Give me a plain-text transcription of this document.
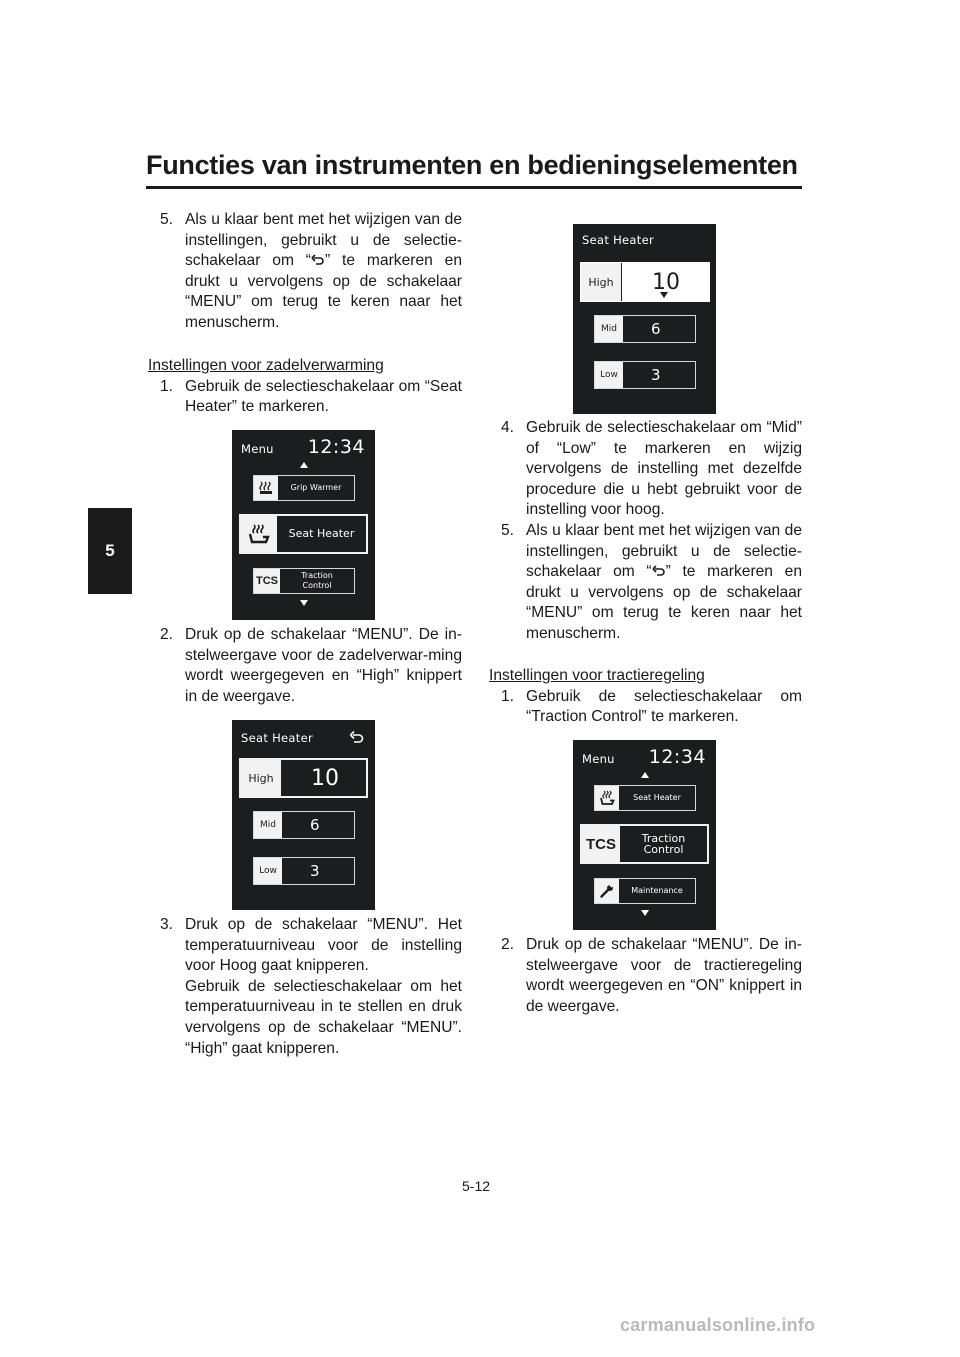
Functies van instrumenten en bedieningselementen
5
5. Als u klaar bent met het wijzigen van de instellingen, gebruikt u de selectie-schakelaar om “ ” te markeren en drukt u vervolgens op de schakelaar “MENU” om terug te keren naar het menuscherm.
Instellingen voor zadelverwarming
1. Gebruik de selectieschakelaar om “Seat Heater” te markeren.
Menu 12:34
Grip Warmer
Seat Heater
TCS	Traction
Control
2. Druk op de schakelaar “MENU”. De in-stelweergave voor de zadelverwar-ming wordt weergegeven en “High” knippert in de weergave.
Seat Heater
High	10
Mid	6
Low	3
3. Druk op de schakelaar “MENU”. Het temperatuurniveau voor de instelling voor Hoog gaat knipperen.
Gebruik de selectieschakelaar om het temperatuurniveau in te stellen en druk vervolgens op de schakelaar “MENU”. “High” gaat knipperen.
Seat Heater
High	10
Mid	6
Low	3
4. Gebruik de selectieschakelaar om “Mid” of “Low” te markeren en wijzig vervolgens de instelling met dezelfde procedure die u hebt gebruikt voor de instelling voor hoog.
5. Als u klaar bent met het wijzigen van de instellingen, gebruikt u de selectie-schakelaar om “ ” te markeren en drukt u vervolgens op de schakelaar “MENU” om terug te keren naar het menuscherm.
Instellingen voor tractieregeling
1. Gebruik de selectieschakelaar om “Traction Control” te markeren.
Menu 12:34
Seat Heater
TCS	Traction
Control
Maintenance
2. Druk op de schakelaar “MENU”. De in-stelweergave voor de tractieregeling wordt weergegeven en “ON” knippert in de weergave.
5-12
carmanualsonline.info
